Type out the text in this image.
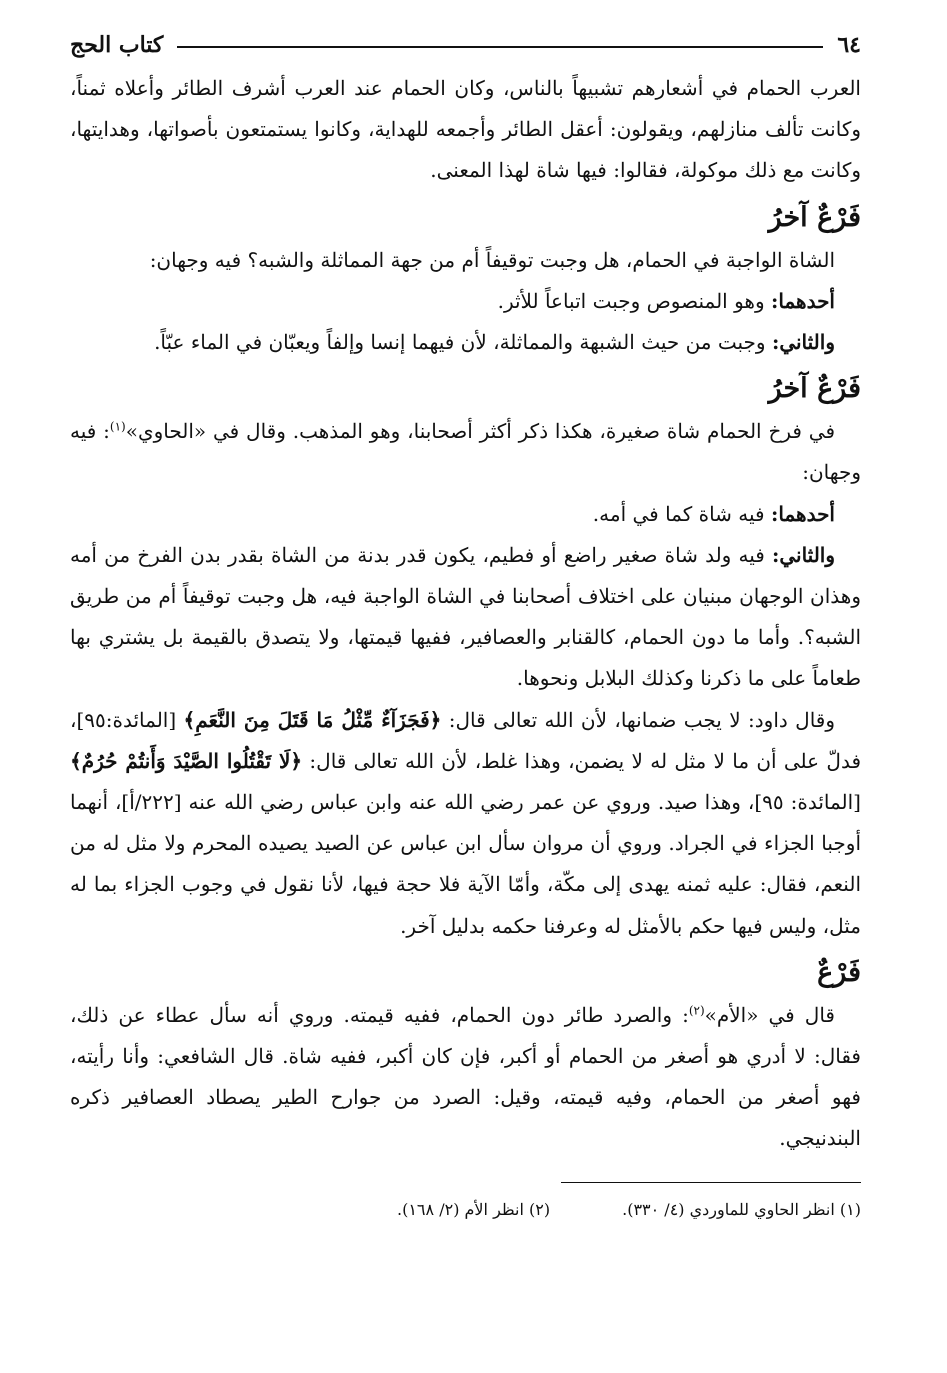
٦٤
كتاب الحج

العرب الحمام في أشعارهم تشبيهاً بالناس، وكان الحمام عند العرب أشرف الطائر وأعلاه ثمناً، وكانت تألف منازلهم، ويقولون: أعقل الطائر وأجمعه للهداية، وكانوا يستمتعون بأصواتها، وهدايتها، وكانت مع ذلك موكولة، فقالوا: فيها شاة لهذا المعنى.

فَرْعٌ آخرُ

الشاة الواجبة في الحمام، هل وجبت توقيفاً أم من جهة المماثلة والشبه؟ فيه وجهان:

أحدهما: وهو المنصوص وجبت اتباعاً للأثر.

والثاني: وجبت من حيث الشبهة والمماثلة، لأن فيهما إنسا وإلفاً ويعبّان في الماء عبّاً.

فَرْعٌ آخرُ

في فرخ الحمام شاة صغيرة، هكذا ذكر أكثر أصحابنا، وهو المذهب. وقال في «الحاوي»$^{(١)}$: فيه وجهان:

أحدهما: فيه شاة كما في أمه.

والثاني: فيه ولد شاة صغير راضع أو فطيم، يكون قدر بدنة من الشاة بقدر بدن الفرخ من أمه وهذان الوجهان مبنيان على اختلاف أصحابنا في الشاة الواجبة فيه، هل وجبت توقيفاً أم من طريق الشبه؟. وأما ما دون الحمام، كالقنابر والعصافير، ففيها قيمتها، ولا يتصدق بالقيمة بل يشتري بها طعاماً على ما ذكرنا وكذلك البلابل ونحوها.

وقال داود: لا يجب ضمانها، لأن الله تعالى قال: ﴿فَجَزَآءٌ مِّثْلُ مَا قَتَلَ مِنَ النَّعَمِ﴾ [المائدة:٩٥]، فدلّ على أن ما لا مثل له لا يضمن، وهذا غلط، لأن الله تعالى قال: ﴿لَا تَقْتُلُوا الصَّيْدَ وَأَنتُمْ حُرُمٌ﴾ [المائدة: ٩٥]، وهذا صيد. وروي عن عمر رضي الله عنه وابن عباس رضي الله عنه [٢٢٢/أ]، أنهما أوجبا الجزاء في الجراد. وروي أن مروان سأل ابن عباس عن الصيد يصيده المحرم ولا مثل له من النعم، فقال: عليه ثمنه يهدى إلى مكّة، وأمّا الآية فلا حجة فيها، لأنا نقول في وجوب الجزاء بما له مثل، وليس فيها حكم بالأمثل له وعرفنا حكمه بدليل آخر.

فَرْعٌ

قال في «الأم»$^{(٢)}$: والصرد طائر دون الحمام، ففيه قيمته. وروي أنه سأل عطاء عن ذلك، فقال: لا أدري هو أصغر من الحمام أو أكبر، فإن كان أكبر، ففيه شاة. قال الشافعي: وأنا رأيته، فهو أصغر من الحمام، وفيه قيمته، وقيل: الصرد من جوارح الطير يصطاد العصافير ذكره البندنيجي.

(١) انظر الحاوي للماوردي (٤/ ٣٣٠).
(٢) انظر الأم (٢/ ١٦٨).
